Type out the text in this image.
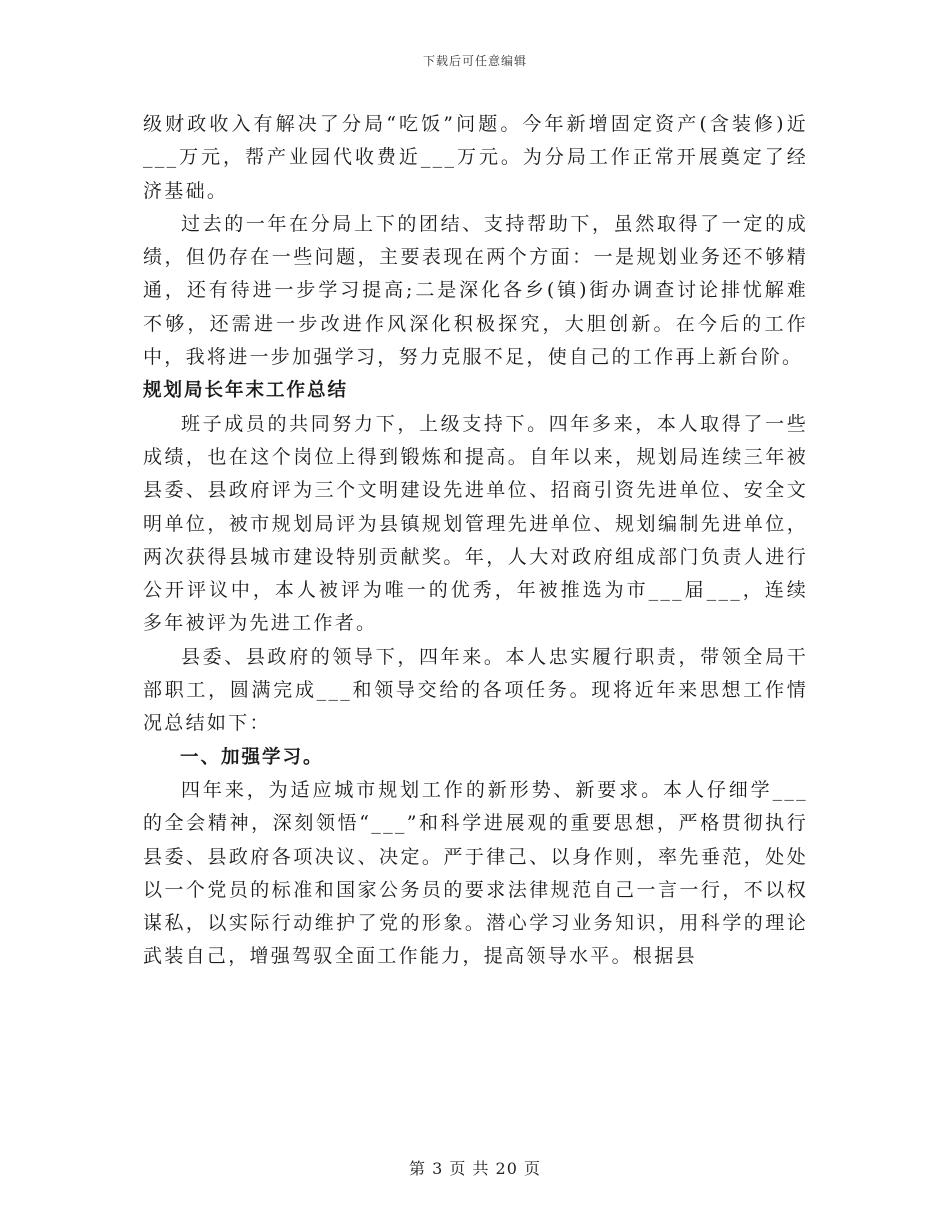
下载后可任意编辑

级财政收入有解决了分局“吃饭”问题。今年新增固定资产(含装修)近___万元，帮产业园代收费近___万元。为分局工作正常开展奠定了经济基础。

过去的一年在分局上下的团结、支持帮助下，虽然取得了一定的成绩，但仍存在一些问题，主要表现在两个方面：一是规划业务还不够精通，还有待进一步学习提高;二是深化各乡(镇)街办调查讨论排忧解难不够，还需进一步改进作风深化积极探究，大胆创新。在今后的工作中，我将进一步加强学习，努力克服不足，使自己的工作再上新台阶。

规划局长年末工作总结

班子成员的共同努力下，上级支持下。四年多来，本人取得了一些成绩，也在这个岗位上得到锻炼和提高。自年以来，规划局连续三年被县委、县政府评为三个文明建设先进单位、招商引资先进单位、安全文明单位，被市规划局评为县镇规划管理先进单位、规划编制先进单位，两次获得县城市建设特别贡献奖。年，人大对政府组成部门负责人进行公开评议中，本人被评为唯一的优秀，年被推选为市___届___，连续多年被评为先进工作者。

县委、县政府的领导下，四年来。本人忠实履行职责，带领全局干部职工，圆满完成___和领导交给的各项任务。现将近年来思想工作情况总结如下：

一、加强学习。

四年来，为适应城市规划工作的新形势、新要求。本人仔细学___的全会精神，深刻领悟“___”和科学进展观的重要思想，严格贯彻执行县委、县政府各项决议、决定。严于律己、以身作则，率先垂范，处处以一个党员的标准和国家公务员的要求法律规范自己一言一行，不以权谋私，以实际行动维护了党的形象。潜心学习业务知识，用科学的理论武装自己，增强驾驭全面工作能力，提高领导水平。根据县

第 3 页 共 20 页
